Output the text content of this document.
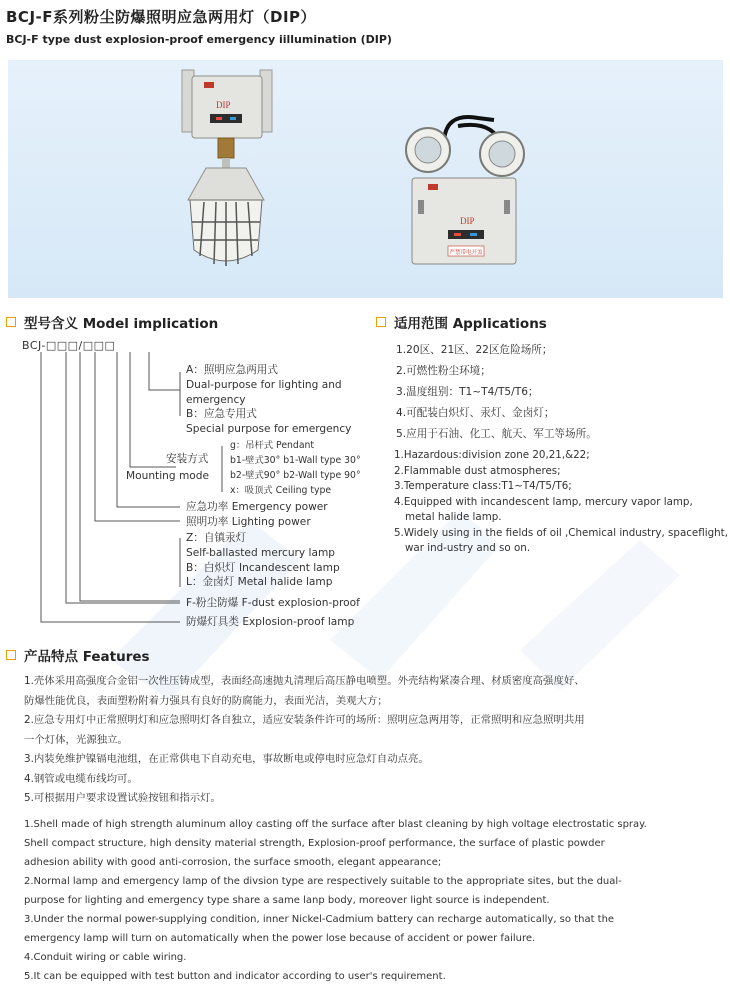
BCJ-F系列粉尘防爆照明应急两用灯（DIP）
BCJ-F type dust explosion-proof emergency iillumination (DIP)
DIP
DIP
严禁带电开盖
型号含义 Model implication
BCJ-□□□/□□□
A：照明应急两用式
Dual-purpose for lighting and
emergency
B：应急专用式
Special purpose for emergency
安装方式
Mounting mode
g：吊杆式 Pendant
b1-壁式30° b1-Wall type 30°
b2-壁式90° b2-Wall type 90°
x：吸顶式 Ceiling type
应急功率 Emergency power
照明功率 Lighting power
Z：自镇汞灯
Self-ballasted mercury lamp
B：白炽灯 Incandescent lamp
L：金卤灯 Metal halide lamp
F-粉尘防爆 F-dust explosion-proof
防爆灯具类 Explosion-proof lamp
适用范围 Applications
1.20区、21区、22区危险场所；
2.可燃性粉尘环境；
3.温度组别：T1~T4/T5/T6；
4.可配装白炽灯、汞灯、金卤灯；
5.应用于石油、化工、航天、军工等场所。
1.Hazardous:division zone 20,21,&22;
2.Flammable dust atmospheres;
3.Temperature class:T1~T4/T5/T6;
4.Equipped with incandescent lamp, mercury vapor lamp,
metal halide lamp.
5.Widely using in the fields of oil ,Chemical industry, spaceflight,
war ind-ustry and so on.
产品特点 Features
1.壳体采用高强度合金铝一次性压铸成型，表面经高速抛丸清理后高压静电喷塑。外壳结构紧凑合理、材质密度高强度好、
防爆性能优良，表面塑粉附着力强具有良好的防腐能力，表面光洁，美观大方；
2.应急专用灯中正常照明灯和应急照明灯各自独立，适应安装条件许可的场所：照明应急两用等，正常照明和应急照明共用
一个灯体，光源独立。
3.内装免维护镍镉电池组，在正常供电下自动充电，事故断电或停电时应急灯自动点亮。
4.钢管或电缆布线均可。
5.可根据用户要求设置试验按钮和指示灯。
1.Shell made of high strength aluminum alloy casting off the surface after blast cleaning by high voltage electrostatic spray.
Shell compact structure, high density material strength, Explosion-proof performance, the surface of plastic powder
adhesion ability with good anti-corrosion, the surface smooth, elegant appearance;
2.Normal lamp and emergency lamp of the divsion type are respectively suitable to the appropriate sites, but the dual-
purpose for lighting and emergency type share a same lanp body, moreover light source is independent.
3.Under the normal power-supplying condition, inner Nickel-Cadmium battery can recharge automatically, so that the
emergency lamp will turn on automatically when the power lose because of accident or power failure.
4.Conduit wiring or cable wiring.
5.It can be equipped with test button and indicator according to user's requirement.
